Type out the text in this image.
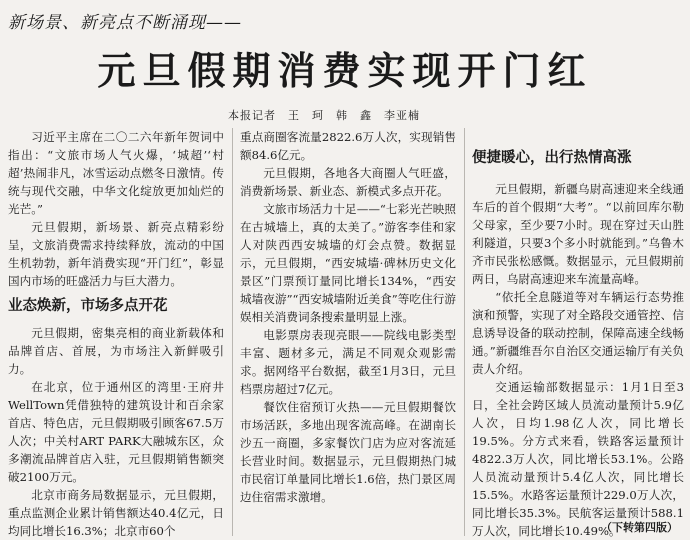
新场景、新亮点不断涌现——
元旦假期消费实现开门红
本报记者　王　珂　韩　鑫　李亚楠

习近平主席在二〇二六年新年贺词中指出：“文旅市场人气火爆，‘城超’‘村超’热闹非凡，冰雪运动点燃冬日激情。传统与现代交融，中华文化绽放更加灿烂的光芒。”

元旦假期，新场景、新亮点精彩纷呈，文旅消费需求持续释放，流动的中国生机勃勃，新年消费实现“开门红”，彰显国内市场的旺盛活力与巨大潜力。

业态焕新，市场多点开花

元旦假期，密集亮相的商业新载体和品牌首店、首展，为市场注入新鲜吸引力。

在北京，位于通州区的湾里·王府井WellTown凭借独特的建筑设计和百余家首店、特色店，元旦假期吸引顾客67.5万人次；中关村ART PARK大融城东区，众多潮流品牌首店入驻，元旦假期销售额突破2100万元。

北京市商务局数据显示，元旦假期，重点监测企业累计销售额达40.4亿元，日均同比增长16.3%；北京市60个

重点商圈客流量2822.6万人次，实现销售额84.6亿元。

元旦假期，各地各大商圈人气旺盛，消费新场景、新业态、新模式多点开花。

文旅市场活力十足——“七彩光芒映照在古城墙上，真的太美了。”游客李佳和家人对陕西西安城墙的灯会点赞。数据显示，元旦假期，“西安城墙·碑林历史文化景区”门票预订量同比增长134%，“西安城墙夜游”“西安城墙附近美食”等吃住行游娱相关消费词条搜索量明显上涨。

电影票房表现亮眼——院线电影类型丰富、题材多元，满足不同观众观影需求。据网络平台数据，截至1月3日，元旦档票房超过7亿元。

餐饮住宿预订火热——元旦假期餐饮市场活跃，多地出现客流高峰。在湖南长沙五一商圈，多家餐饮门店为应对客流延长营业时间。数据显示，元旦假期热门城市民宿订单量同比增长1.6倍，热门景区周边住宿需求激增。

便捷暖心，出行热情高涨

元旦假期，新疆乌尉高速迎来全线通车后的首个假期“大考”。“以前回库尔勒父母家，至少要7小时。现在穿过天山胜利隧道，只要3个多小时就能到。”乌鲁木齐市民张松感慨。数据显示，元旦假期前两日，乌尉高速迎来车流量高峰。

“依托全息隧道等对车辆运行态势推演和预警，实现了对全路段交通管控、信息诱导设备的联动控制，保障高速全线畅通。”新疆维吾尔自治区交通运输厅有关负责人介绍。

交通运输部数据显示：1月1日至3日，全社会跨区域人员流动量预计5.9亿人次，日均1.98亿人次，同比增长19.5%。分方式来看，铁路客运量预计4822.3万人次，同比增长53.1%。公路人员流动量预计5.4亿人次，同比增长15.5%。水路客运量预计229.0万人次，同比增长35.3%。民航客运量预计588.1万人次，同比增长10.49%。

（下转第四版）
